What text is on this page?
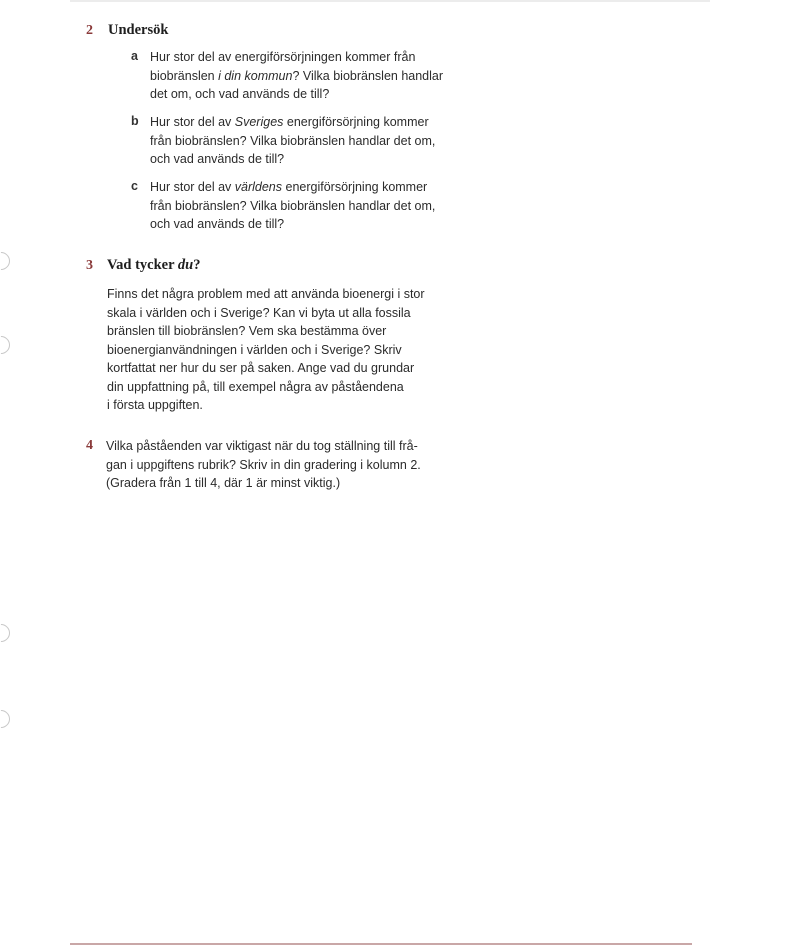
2 Undersök
a Hur stor del av energiförsörjningen kommer från
biobränslen i din kommun? Vilka biobränslen handlar
det om, och vad används de till?
b Hur stor del av Sveriges energiförsörjning kommer
från biobränslen? Vilka biobränslen handlar det om,
och vad används de till?
c Hur stor del av världens energiförsörjning kommer
från biobränslen? Vilka biobränslen handlar det om,
och vad används de till?
3 Vad tycker du?
Finns det några problem med att använda bioenergi i stor
skala i världen och i Sverige? Kan vi byta ut alla fossila
bränslen till biobränslen? Vem ska bestämma över
bioenergianvändningen i världen och i Sverige? Skriv
kortfattat ner hur du ser på saken. Ange vad du grundar
din uppfattning på, till exempel några av påståendena
i första uppgiften.
4 Vilka påståenden var viktigast när du tog ställning till frå-
gan i uppgiftens rubrik? Skriv in din gradering i kolumn 2.
(Gradera från 1 till 4, där 1 är minst viktig.)
